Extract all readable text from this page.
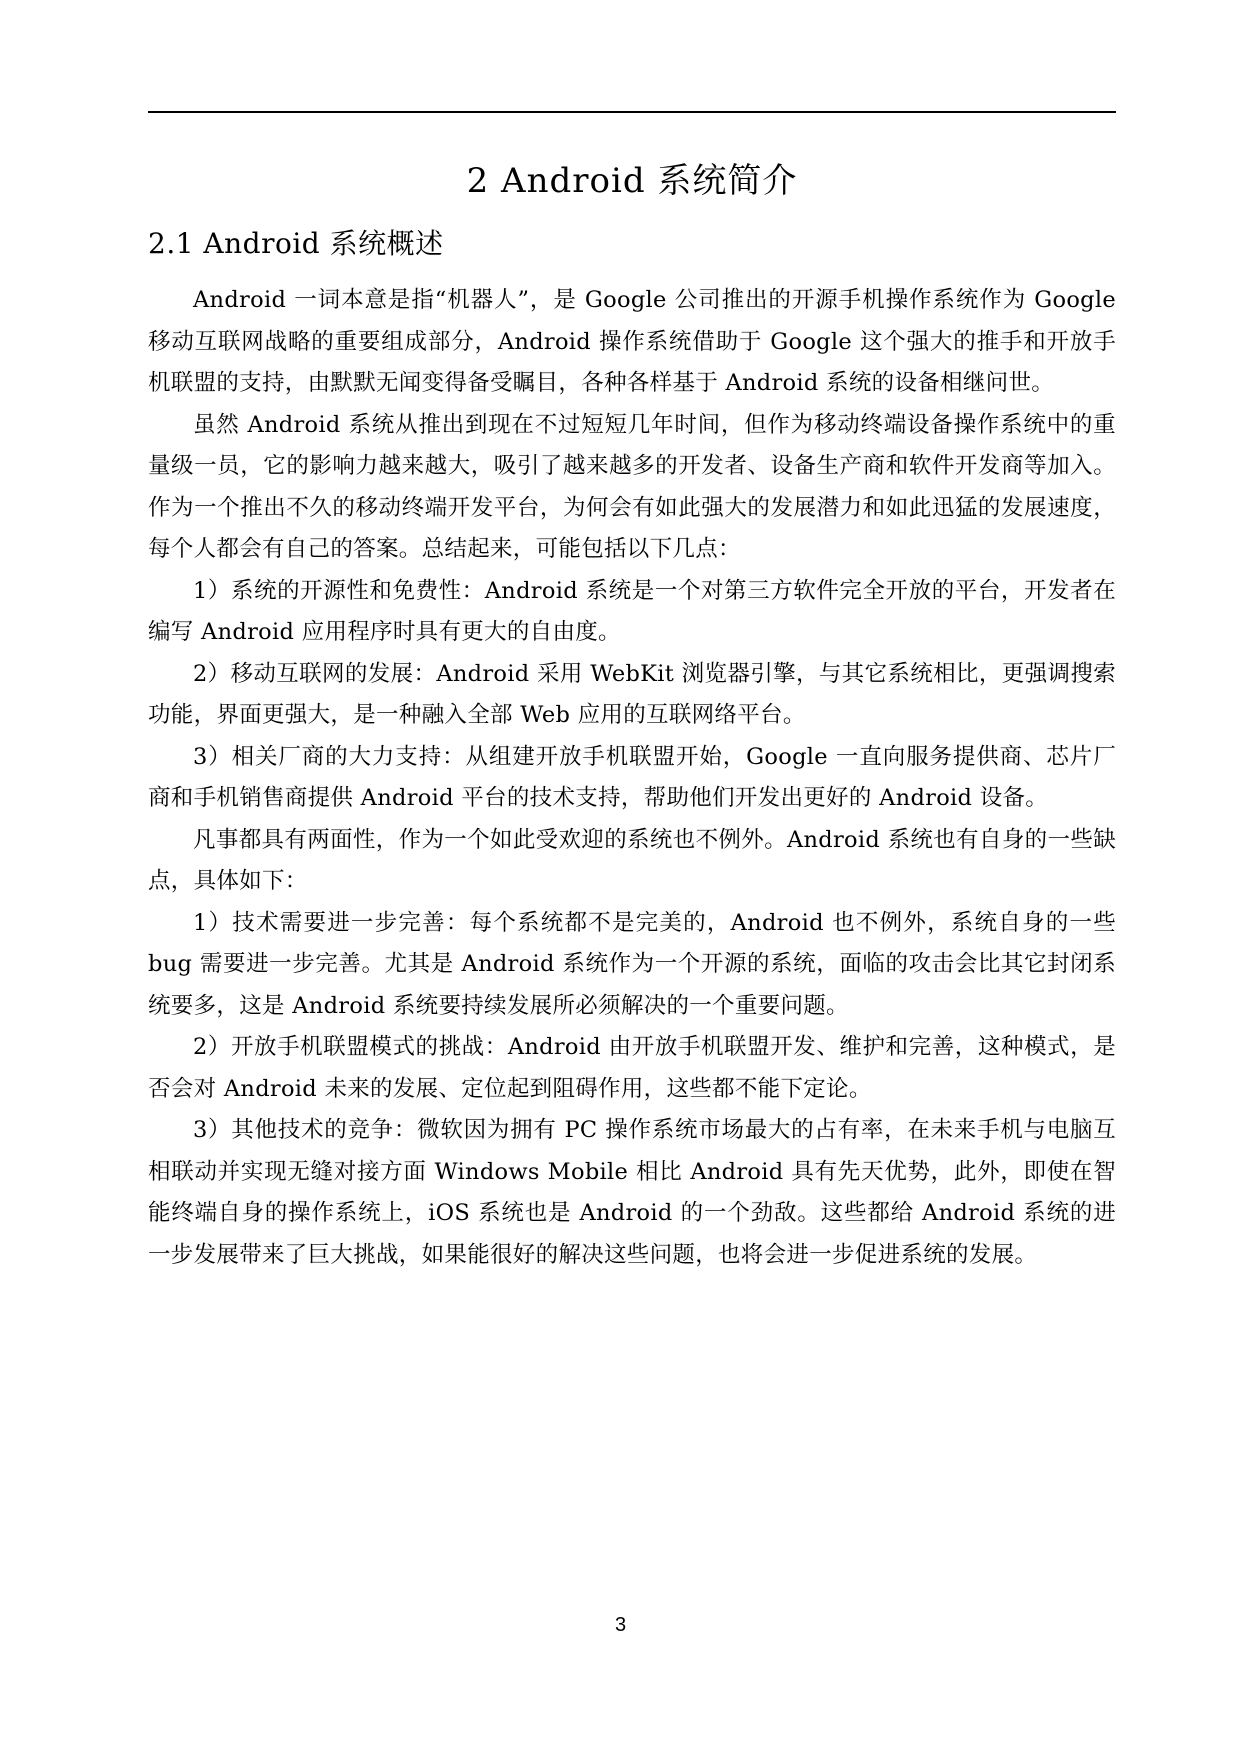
2 Android 系统简介
2.1 Android 系统概述

Android 一词本意是指“机器人”，是 Google 公司推出的开源手机操作系统作为 Google 移动互联网战略的重要组成部分，Android 操作系统借助于 Google 这个强大的推手和开放手机联盟的支持，由默默无闻变得备受瞩目，各种各样基于 Android 系统的设备相继问世。

虽然 Android 系统从推出到现在不过短短几年时间，但作为移动终端设备操作系统中的重量级一员，它的影响力越来越大，吸引了越来越多的开发者、设备生产商和软件开发商等加入。作为一个推出不久的移动终端开发平台，为何会有如此强大的发展潜力和如此迅猛的发展速度，每个人都会有自己的答案。总结起来，可能包括以下几点：

1）系统的开源性和免费性：Android 系统是一个对第三方软件完全开放的平台，开发者在编写 Android 应用程序时具有更大的自由度。

2）移动互联网的发展：Android 采用 WebKit 浏览器引擎，与其它系统相比，更强调搜索功能，界面更强大，是一种融入全部 Web 应用的互联网络平台。

3）相关厂商的大力支持：从组建开放手机联盟开始，Google 一直向服务提供商、芯片厂商和手机销售商提供 Android 平台的技术支持，帮助他们开发出更好的 Android 设备。

凡事都具有两面性，作为一个如此受欢迎的系统也不例外。Android 系统也有自身的一些缺点，具体如下：

1）技术需要进一步完善：每个系统都不是完美的，Android 也不例外，系统自身的一些 bug 需要进一步完善。尤其是 Android 系统作为一个开源的系统，面临的攻击会比其它封闭系统要多，这是 Android 系统要持续发展所必须解决的一个重要问题。

2）开放手机联盟模式的挑战：Android 由开放手机联盟开发、维护和完善，这种模式，是否会对 Android 未来的发展、定位起到阻碍作用，这些都不能下定论。

3）其他技术的竞争：微软因为拥有 PC 操作系统市场最大的占有率，在未来手机与电脑互相联动并实现无缝对接方面 Windows Mobile 相比 Android 具有先天优势，此外，即使在智能终端自身的操作系统上，iOS 系统也是 Android 的一个劲敌。这些都给 Android 系统的进一步发展带来了巨大挑战，如果能很好的解决这些问题，也将会进一步促进系统的发展。

3
